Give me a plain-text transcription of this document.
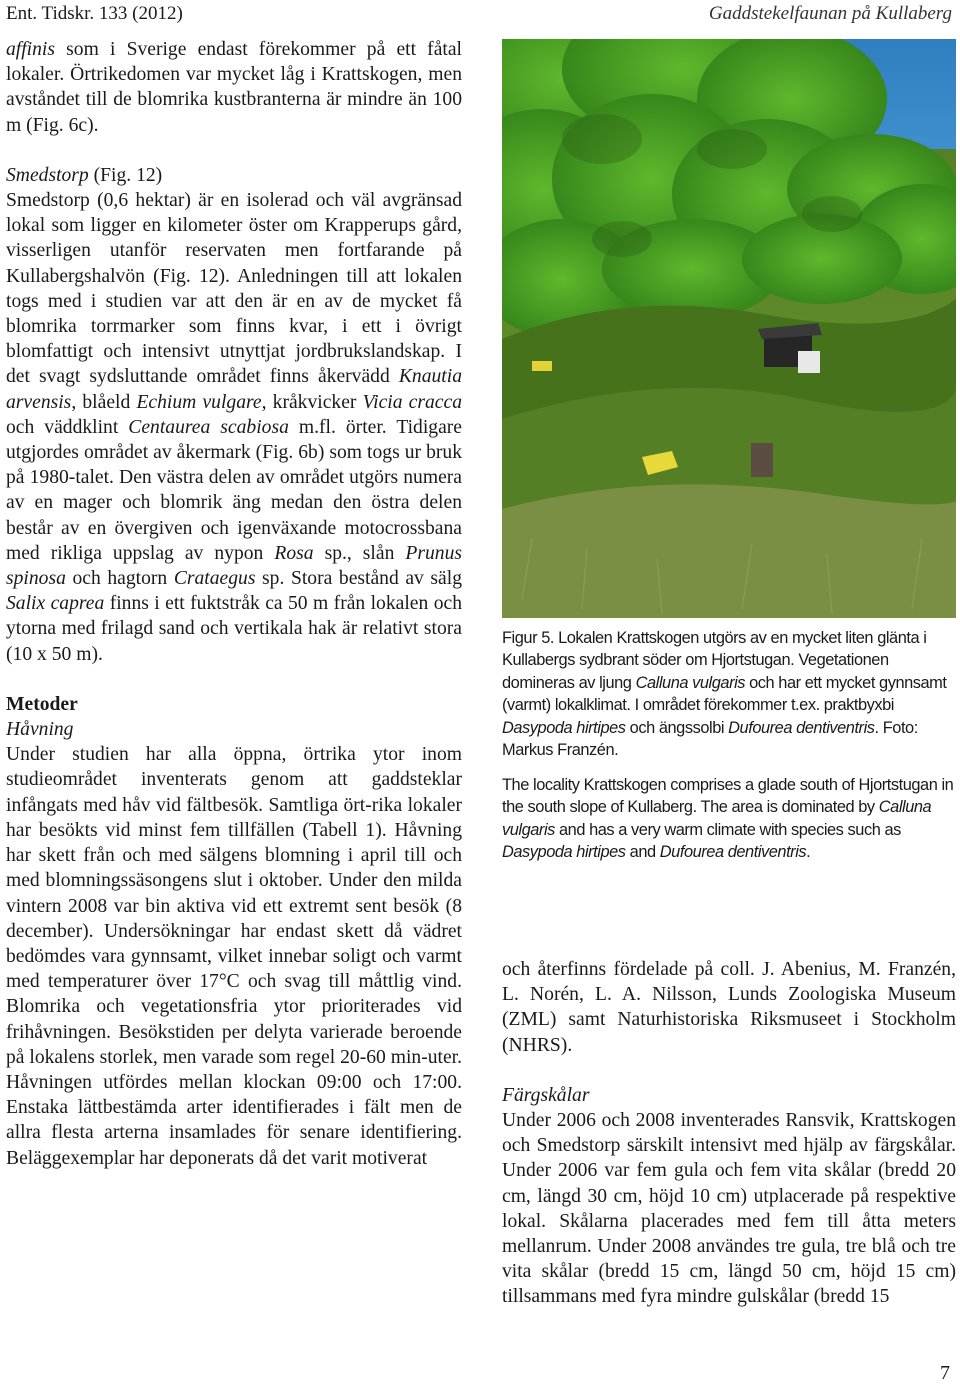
Ent. Tidskr. 133 (2012)	Gaddstekelfaunan på Kullaberg

affinis som i Sverige endast förekommer på ett fåtal lokaler. Örtrikedomen var mycket låg i Krattskogen, men avståndet till de blomrika kustbranterna är mindre än 100 m (Fig. 6c).

Smedstorp (Fig. 12)

Smedstorp (0,6 hektar) är en isolerad och väl avgränsad lokal som ligger en kilometer öster om Krapperups gård, visserligen utanför reservaten men fortfarande på Kullabergshalvön (Fig. 12). Anledningen till att lokalen togs med i studien var att den är en av de mycket få blomrika torrmarker som finns kvar, i ett i övrigt blomfattigt och intensivt utnyttjat jordbrukslandskap. I det svagt sydsluttande området finns åkervädd Knautia arvensis, blåeld Echium vulgare, kråkvicker Vicia cracca och väddklint Centaurea scabiosa m.fl. örter. Tidigare utgjordes området av åkermark (Fig. 6b) som togs ur bruk på 1980-talet. Den västra delen av området utgörs numera av en mager och blomrik äng medan den östra delen består av en övergiven och igenväxande motocrossbana med rikliga uppslag av nypon Rosa sp., slån Prunus spinosa och hagtorn Crataegus sp. Stora bestånd av sälg Salix caprea finns i ett fuktstråk ca 50 m från lokalen och ytorna med frilagd sand och vertikala hak är relativt stora (10 x 50 m).

Metoder

Håvning

Under studien har alla öppna, örtrika ytor inom studieområdet inventerats genom att gaddsteklar infångats med håv vid fältbesök. Samtliga ört-rika lokaler har besökts vid minst fem tillfällen (Tabell 1). Håvning har skett från och med sälgens blomning i april till och med blomningssäsongens slut i oktober. Under den milda vintern 2008 var bin aktiva vid ett extremt sent besök (8 december). Undersökningar har endast skett då vädret bedömdes vara gynnsamt, vilket innebar soligt och varmt med temperaturer över 17°C och svag till måttlig vind. Blomrika och vegetationsfria ytor prioriterades vid frihåvningen. Besökstiden per delyta varierade beroende på lokalens storlek, men varade som regel 20-60 min-uter. Håvningen utfördes mellan klockan 09:00 och 17:00. Enstaka lättbestämda arter identifierades i fält men de allra flesta arterna insamlades för senare identifiering. Beläggexemplar har deponerats då det varit motiverat

Figur 5. Lokalen Krattskogen utgörs av en mycket liten glänta i Kullabergs sydbrant söder om Hjortstugan. Vegetationen domineras av ljung Calluna vulgaris och har ett mycket gynnsamt (varmt) lokalklimat. I området förekommer t.ex. praktbyxbi Dasypoda hirtipes och ängssolbi Dufourea dentiventris. Foto: Markus Franzén.

The locality Krattskogen comprises a glade south of Hjortstugan in the south slope of Kullaberg. The area is dominated by Calluna vulgaris and has a very warm climate with species such as Dasypoda hirtipes and Dufourea dentiventris.

och återfinns fördelade på coll. J. Abenius, M. Franzén, L. Norén, L. A. Nilsson, Lunds Zoologiska Museum (ZML) samt Naturhistoriska Riksmuseet i Stockholm (NHRS).

Färgskålar

Under 2006 och 2008 inventerades Ransvik, Krattskogen och Smedstorp särskilt intensivt med hjälp av färgskålar. Under 2006 var fem gula och fem vita skålar (bredd 20 cm, längd 30 cm, höjd 10 cm) utplacerade på respektive lokal. Skålarna placerades med fem till åtta meters mellanrum. Under 2008 användes tre gula, tre blå och tre vita skålar (bredd 15 cm, längd 50 cm, höjd 15 cm) tillsammans med fyra mindre gulskålar (bredd 15

7
